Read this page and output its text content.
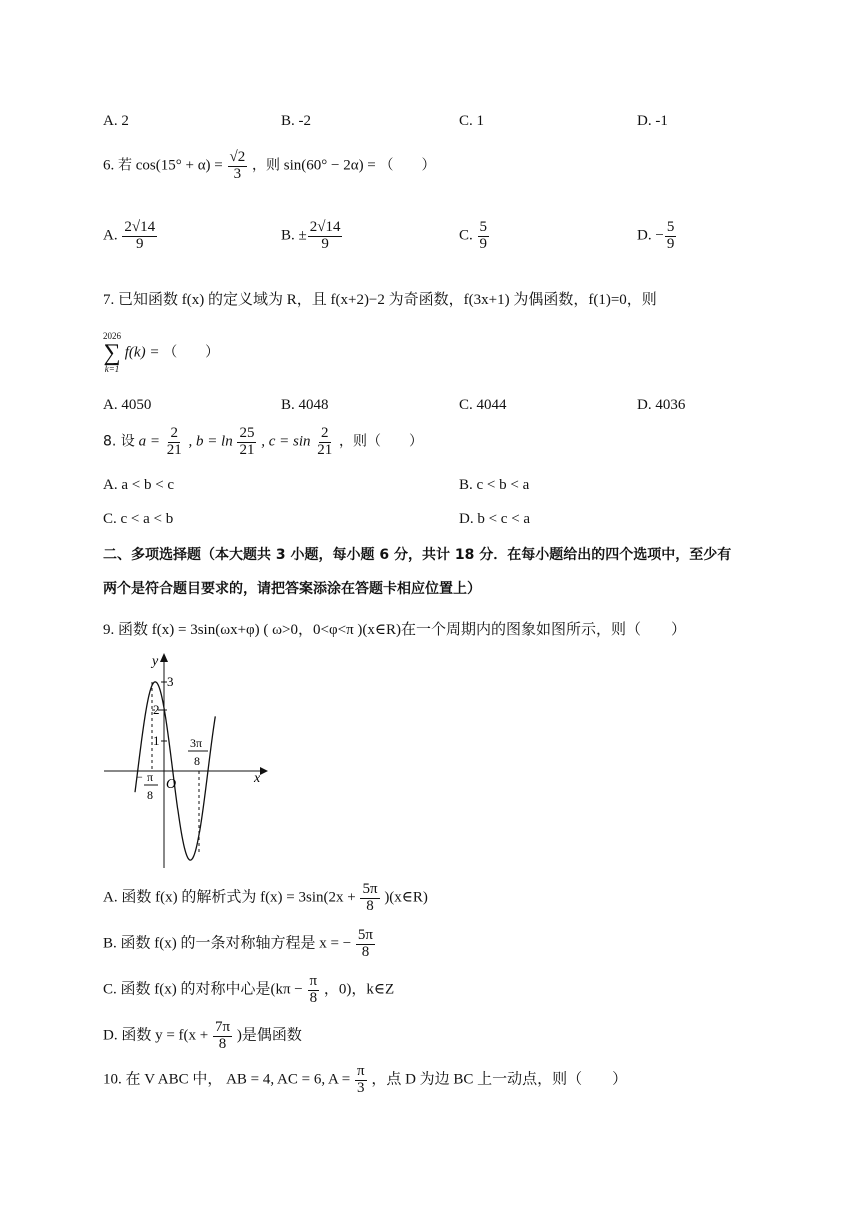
A. 2	B. ‐2	C. 1	D. ‐1
6. 若 $\cos(15^\circ + \alpha) = \frac{√2}{3}$ ，则 sin(60° − 2α) = （　　）
A. $\frac{2√14}{9}$	B. ± $\frac{2√14}{9}$	C. $\frac{5}{9}$	D. − $\frac{5}{9}$
7. 已知函数 f(x) 的定义域为 R，且 f(x+2)−2 为奇函数，f(3x+1) 为偶函数，f(1)=0，则
2026
∑
k=1
f(k) = （　　）
A. 4050	B. 4048	C. 4044	D. 4036
8. 设 $a = \frac{2}{21}$ , $b = \ln \frac{25}{21}$ , $c = \sin \frac{2}{21}$ ，则（　　）
A. a < b < c	B. c < b < a
C. c < a < b	D. b < c < a
二、多项选择题（本大题共 3 小题，每小题 6 分，共计 18 分．在每小题给出的四个选项中，至少有
两个是符合题目要求的，请把答案添涂在答题卡相应位置上）
9. 函数 f(x) = 3sin(ωx+φ) ( ω>0，0<φ<π )(x∈R)在一个周期内的图象如图所示，则（　　）
y
x
O
3
2
1
− π
8
3π
8
A. 函数 f(x) 的解析式为 $f(x) = 3\sin(2x + \frac{5\pi}{8}$ )(x∈R)
B. 函数 f(x) 的一条对称轴方程是 x = − $\frac{5\pi}{8}$
C. 函数 f(x) 的对称中心是($k\pi - \frac{\pi}{8}$ ，0)，k∈Z
D. 函数 $y = f(x + \frac{7\pi}{8}$ )是偶函数
10. 在 V ABC 中， AB = 4, AC = 6, $A = \frac{\pi}{3}$ ，点 D 为边 BC 上一动点，则（　　）
